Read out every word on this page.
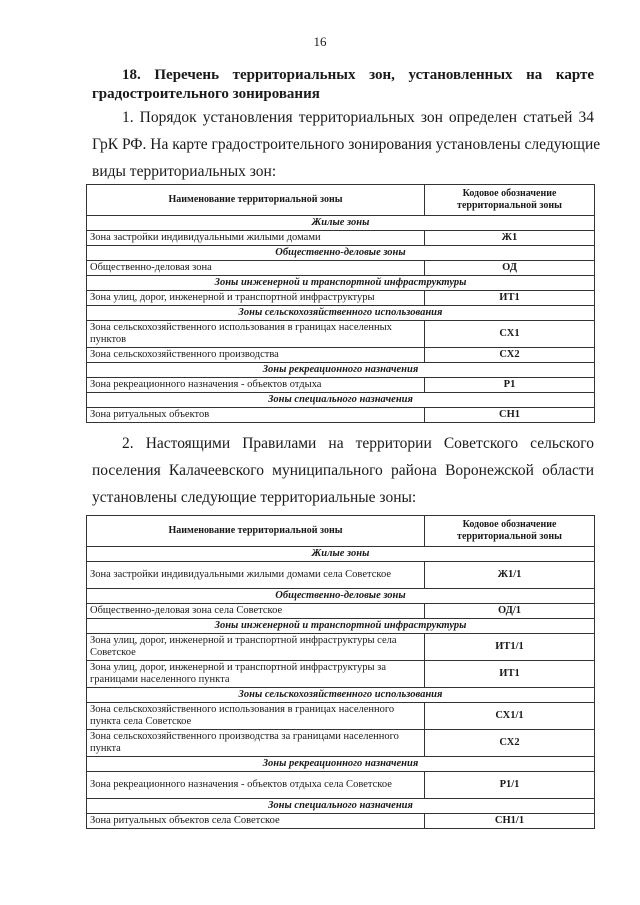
16
18. Перечень территориальных зон, установленных на карте
градостроительного зонирования
1. Порядок установления территориальных зон определен статьей 34
ГрК РФ. На карте градостроительного зонирования установлены следующие
виды территориальных зон:
Наименование территориальной зоны	Кодовое обозначение территориальной зоны
Жилые зоны	
Зона застройки индивидуальными жилыми домами	Ж1
Общественно-деловые зоны	
Общественно-деловая зона	ОД
Зоны инженерной и транспортной инфраструктуры	
Зона улиц, дорог, инженерной и транспортной инфраструктуры	ИТ1
Зоны сельскохозяйственного использования	
Зона сельскохозяйственного использования в границах населенных пунктов	СХ1
Зона сельскохозяйственного производства	СХ2
Зоны рекреационного назначения	
Зона рекреационного назначения - объектов отдыха	Р1
Зоны специального назначения	
Зона ритуальных объектов	СН1
2. Настоящими Правилами на территории Советского сельского
поселения Калачеевского муниципального района Воронежской области
установлены следующие территориальные зоны:
Наименование территориальной зоны	Кодовое обозначение территориальной зоны
Жилые зоны	
Зона застройки индивидуальными жилыми домами села Советское	Ж1/1
Общественно-деловые зоны	
Общественно-деловая зона села Советское	ОД/1
Зоны инженерной и транспортной инфраструктуры	
Зона улиц, дорог, инженерной и транспортной инфраструктуры села Советское	ИТ1/1
Зона улиц, дорог, инженерной и транспортной инфраструктуры за границами населенного пункта	ИТ1
Зоны сельскохозяйственного использования	
Зона сельскохозяйственного использования в границах населенного пункта села Советское	СХ1/1
Зона сельскохозяйственного производства за границами населенного пункта	СХ2
Зоны рекреационного назначения	
Зона рекреационного назначения - объектов отдыха села Советское	Р1/1
Зоны специального назначения	
Зона ритуальных объектов села Советское	СН1/1
